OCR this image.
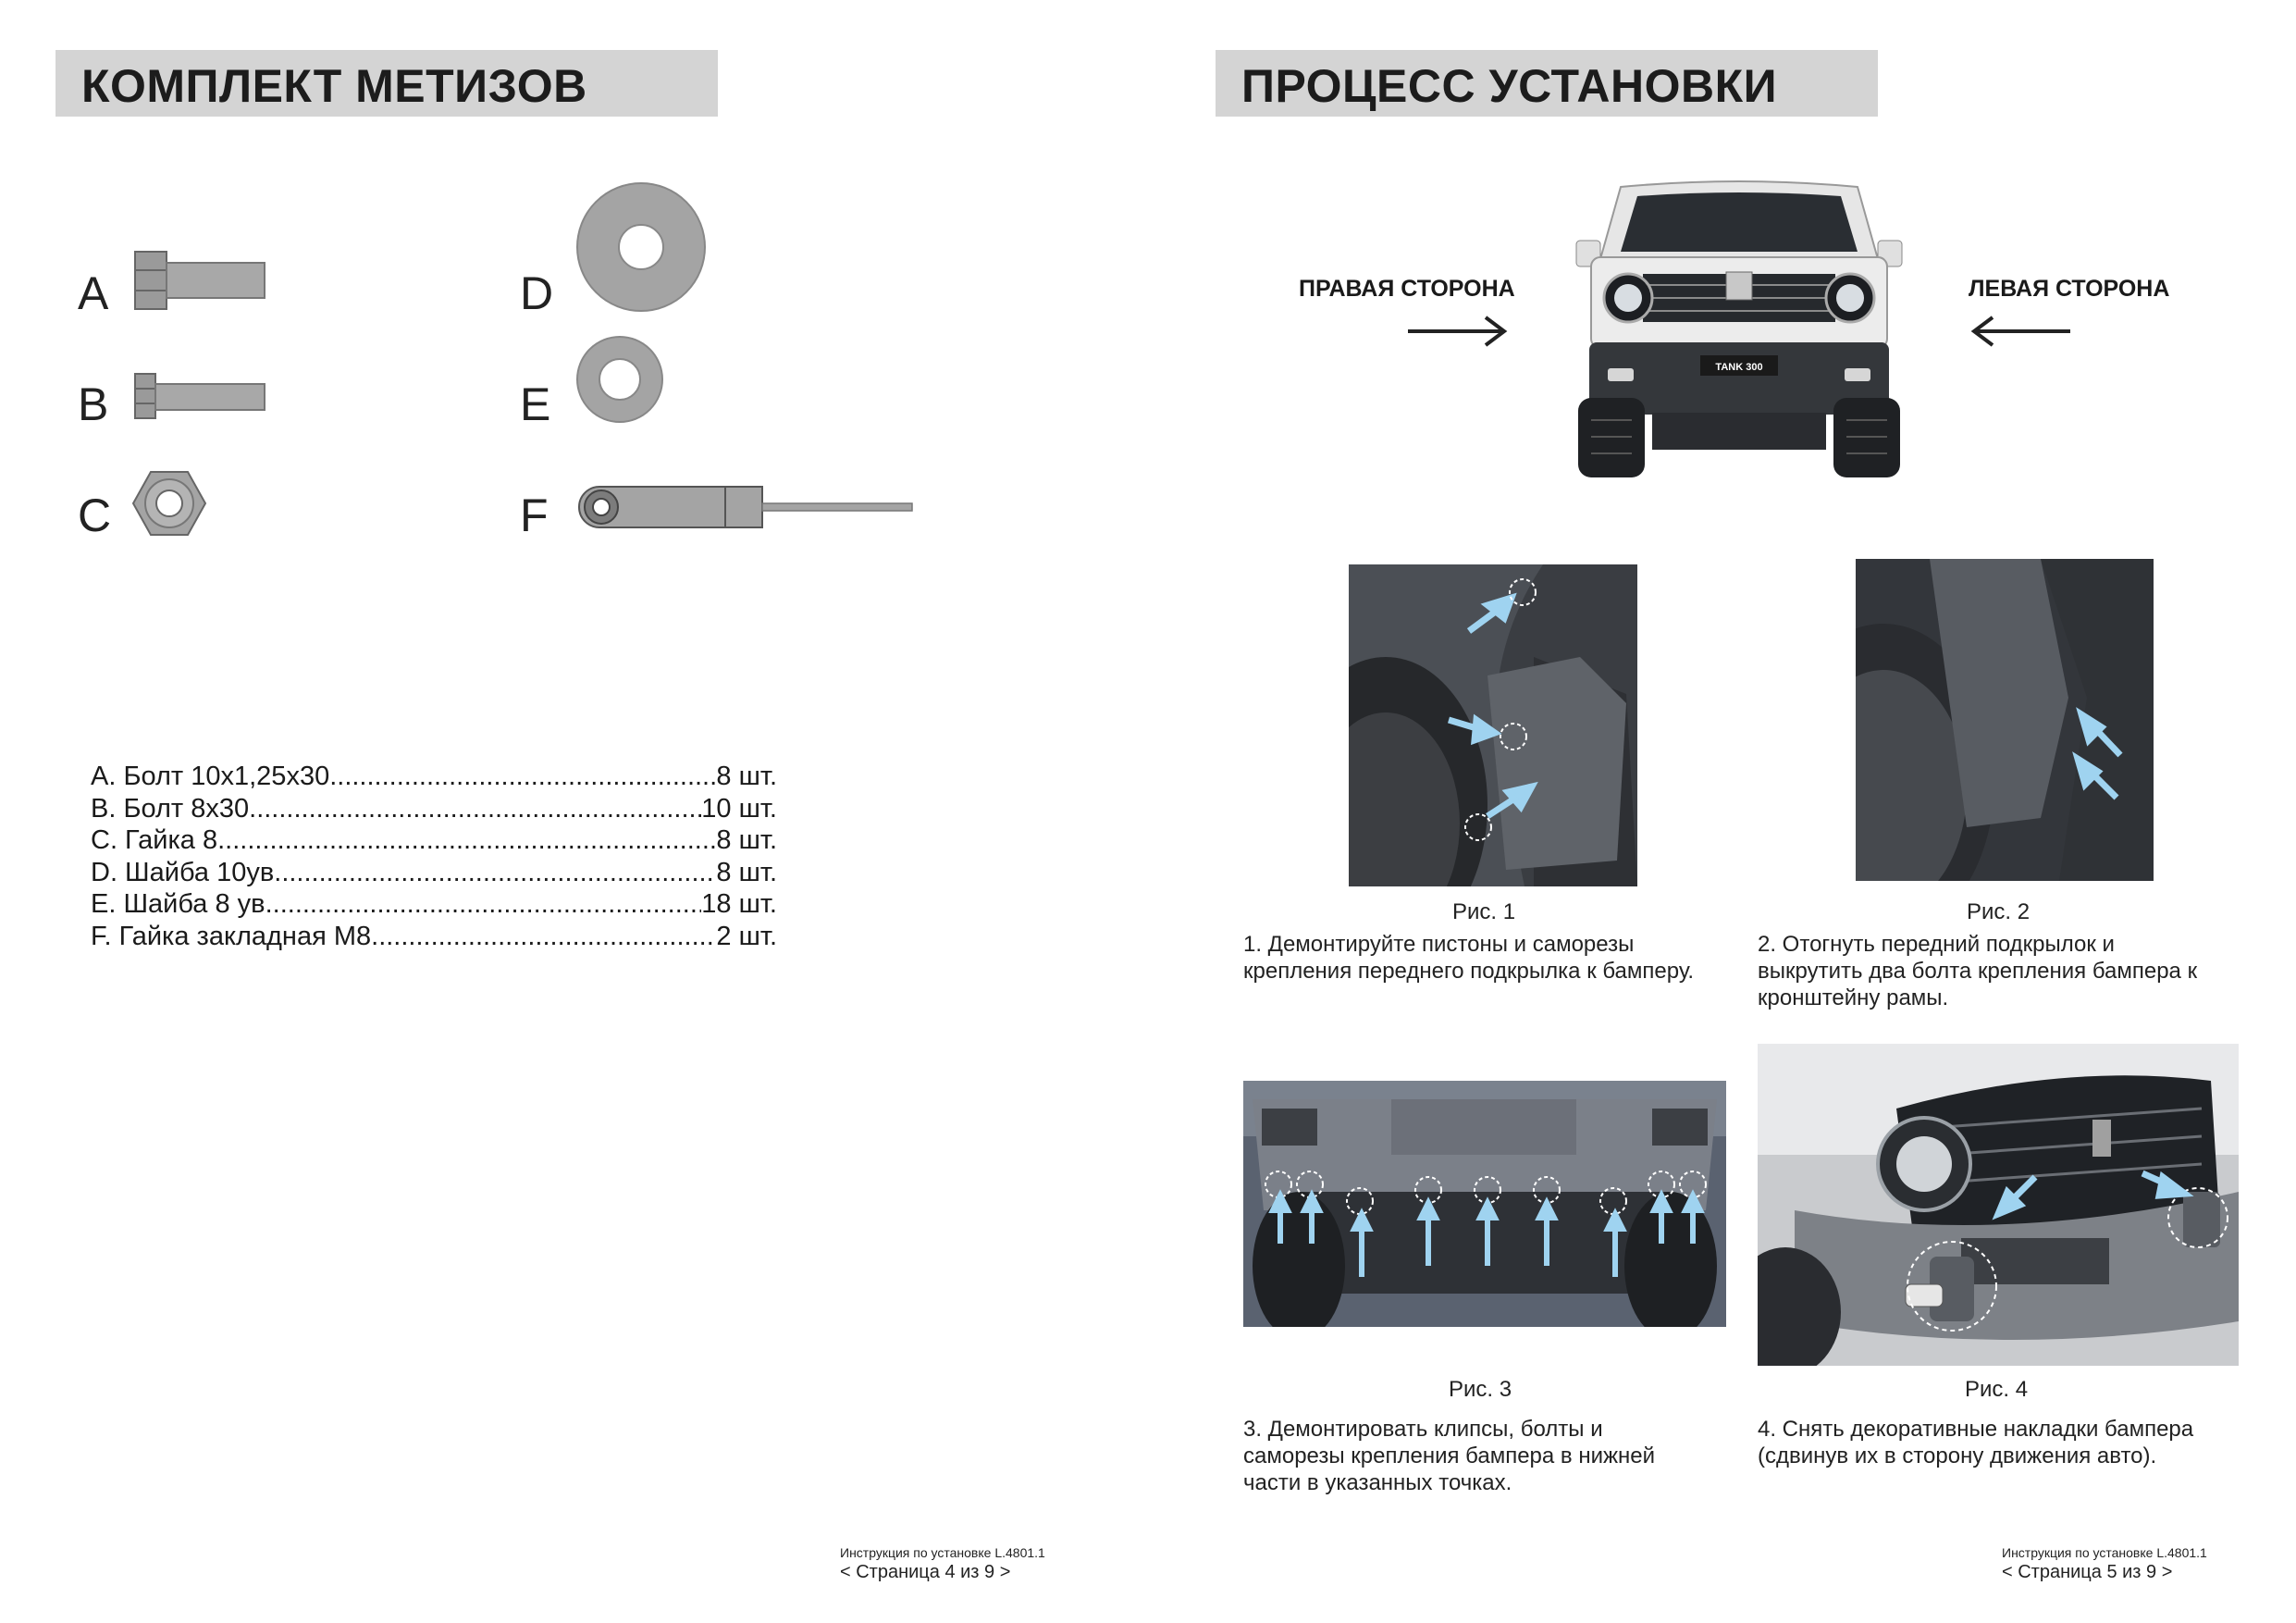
КОМПЛЕКТ МЕТИЗОВ
A
B
C
D
E
F
A. Болт 10х1,25х30 .....	8 шт.
B. Болт 8х30 .....	10 шт.
C. Гайка 8 .....	8 шт.
D. Шайба 10ув .....	8 шт.
E. Шайба 8 ув .....	18 шт.
F. Гайка закладная М8 .....	2 шт.
Инструкция по установке L.4801.1
< Страница 4 из 9 >
ПРОЦЕСС УСТАНОВКИ
ПРАВАЯ СТОРОНА	ЛЕВАЯ СТОРОНА
TANK 300
Рис. 1
1. Демонтируйте пистоны и саморезы
крепления переднего подкрылка к бамперу.
Рис. 2
2. Отогнуть передний подкрылок и
выкрутить два болта крепления бампера к
кронштейну рамы.
Рис. 3
3. Демонтировать клипсы, болты и
саморезы крепления бампера в нижней
части в указанных точках.
Рис. 4
4. Снять декоративные накладки бампера
(сдвинув их в сторону движения авто).
Инструкция по установке L.4801.1
< Страница 5 из 9 >
